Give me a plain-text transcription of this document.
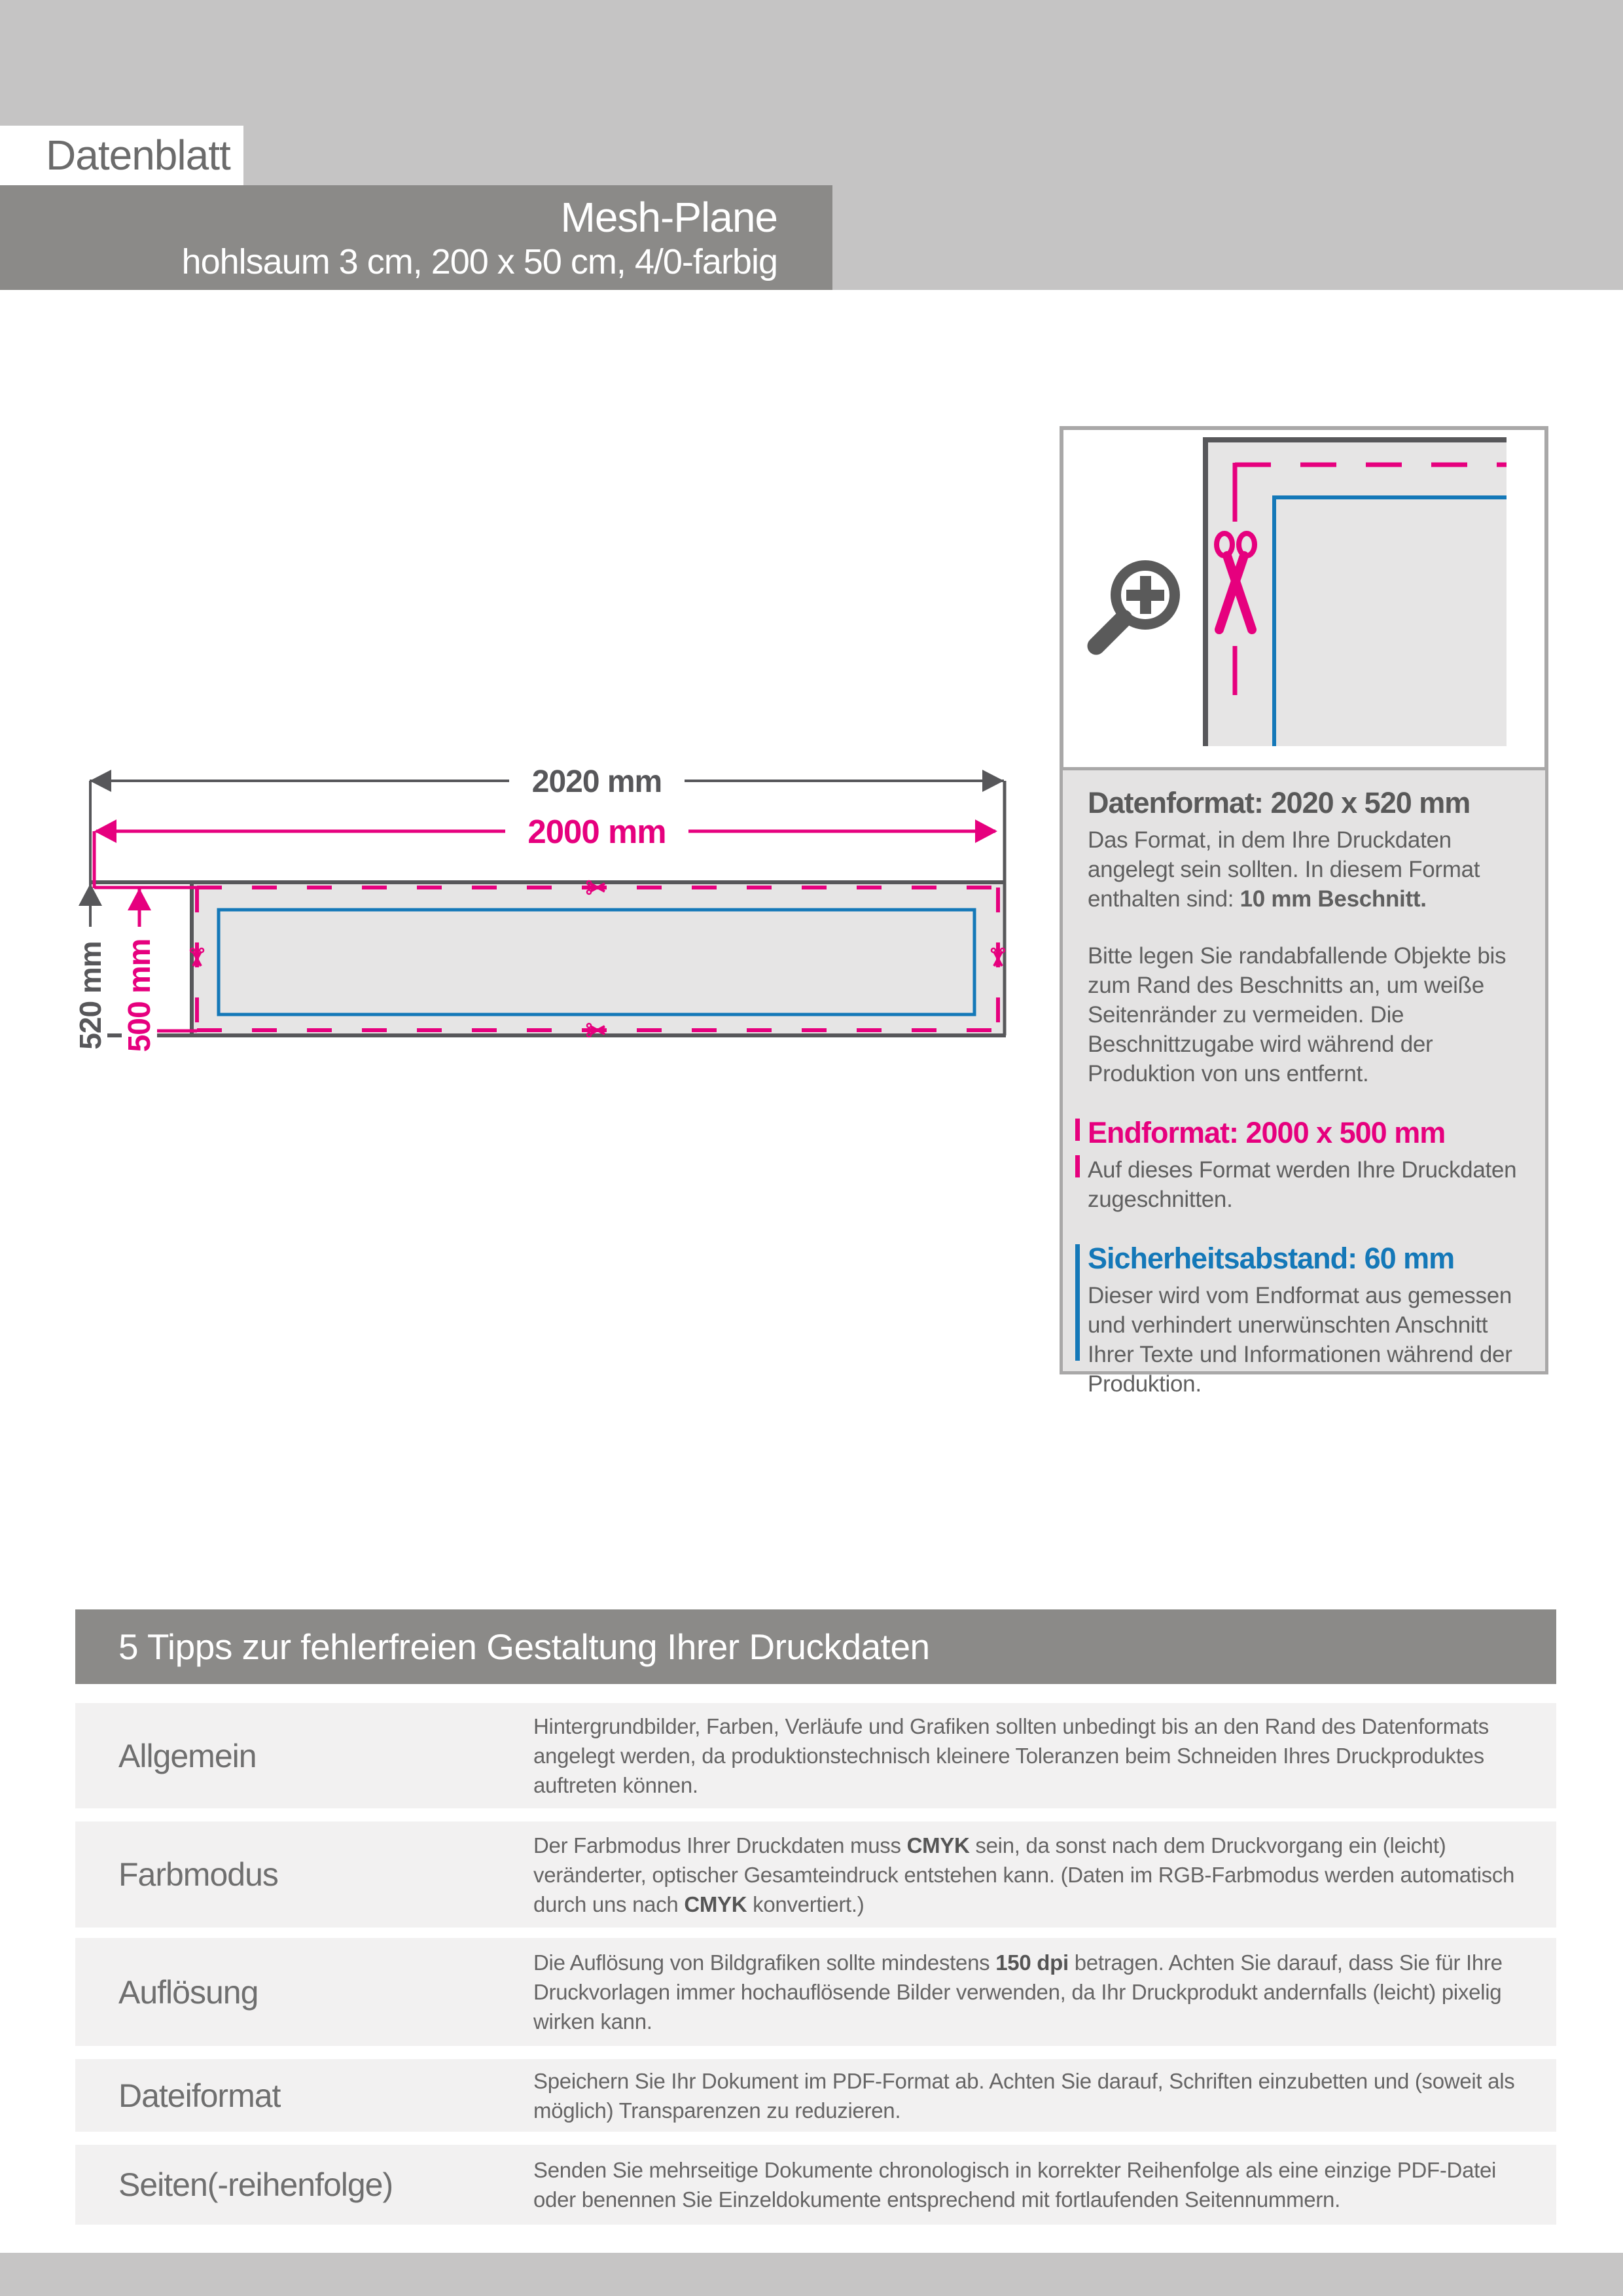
Datenblatt
Mesh-Plane
hohlsaum 3 cm, 200 x 50 cm, 4/0-farbig
2020 mm
2000 mm
520 mm 500 mm
Datenformat: 2020 x 520 mm

Das Format, in dem Ihre Druckdaten angelegt sein sollten. In diesem Format enthalten sind: 10 mm Beschnitt.

Bitte legen Sie randabfallende Objekte bis zum Rand des Beschnitts an, um weiße Seitenränder zu vermeiden. Die Beschnittzugabe wird während der Produktion von uns entfernt.

Endformat: 2000 x 500 mm

Auf dieses Format werden Ihre Druckdaten zugeschnitten.

Sicherheitsabstand: 60 mm

Dieser wird vom Endformat aus gemessen und verhindert unerwünschten Anschnitt Ihrer Texte und Informationen während der Produktion.

5 Tipps zur fehlerfreien Gestaltung Ihrer Druckdaten
Allgemein
Hintergrundbilder, Farben, Verläufe und Grafiken sollten unbedingt bis an den Rand des Datenformats angelegt werden, da produktionstechnisch kleinere Toleranzen beim Schneiden Ihres Druckproduktes auftreten können.
Farbmodus
Der Farbmodus Ihrer Druckdaten muss CMYK sein, da sonst nach dem Druckvorgang ein (leicht) veränderter, optischer Gesamteindruck entstehen kann. (Daten im RGB-Farbmodus werden automatisch durch uns nach CMYK konvertiert.)
Auflösung
Die Auflösung von Bildgrafiken sollte mindestens 150 dpi betragen. Achten Sie darauf, dass Sie für Ihre Druckvorlagen immer hochauflösende Bilder verwenden, da Ihr Druckprodukt andernfalls (leicht) pixelig wirken kann.
Dateiformat	Speichern Sie Ihr Dokument im PDF-Format ab. Achten Sie darauf, Schriften einzubetten und (soweit als möglich) Transparenzen zu reduzieren.
Seiten(-reihenfolge)	Senden Sie mehrseitige Dokumente chronologisch in korrekter Reihenfolge als eine einzige PDF-Datei oder benennen Sie Einzeldokumente entsprechend mit fortlaufenden Seitennummern.
